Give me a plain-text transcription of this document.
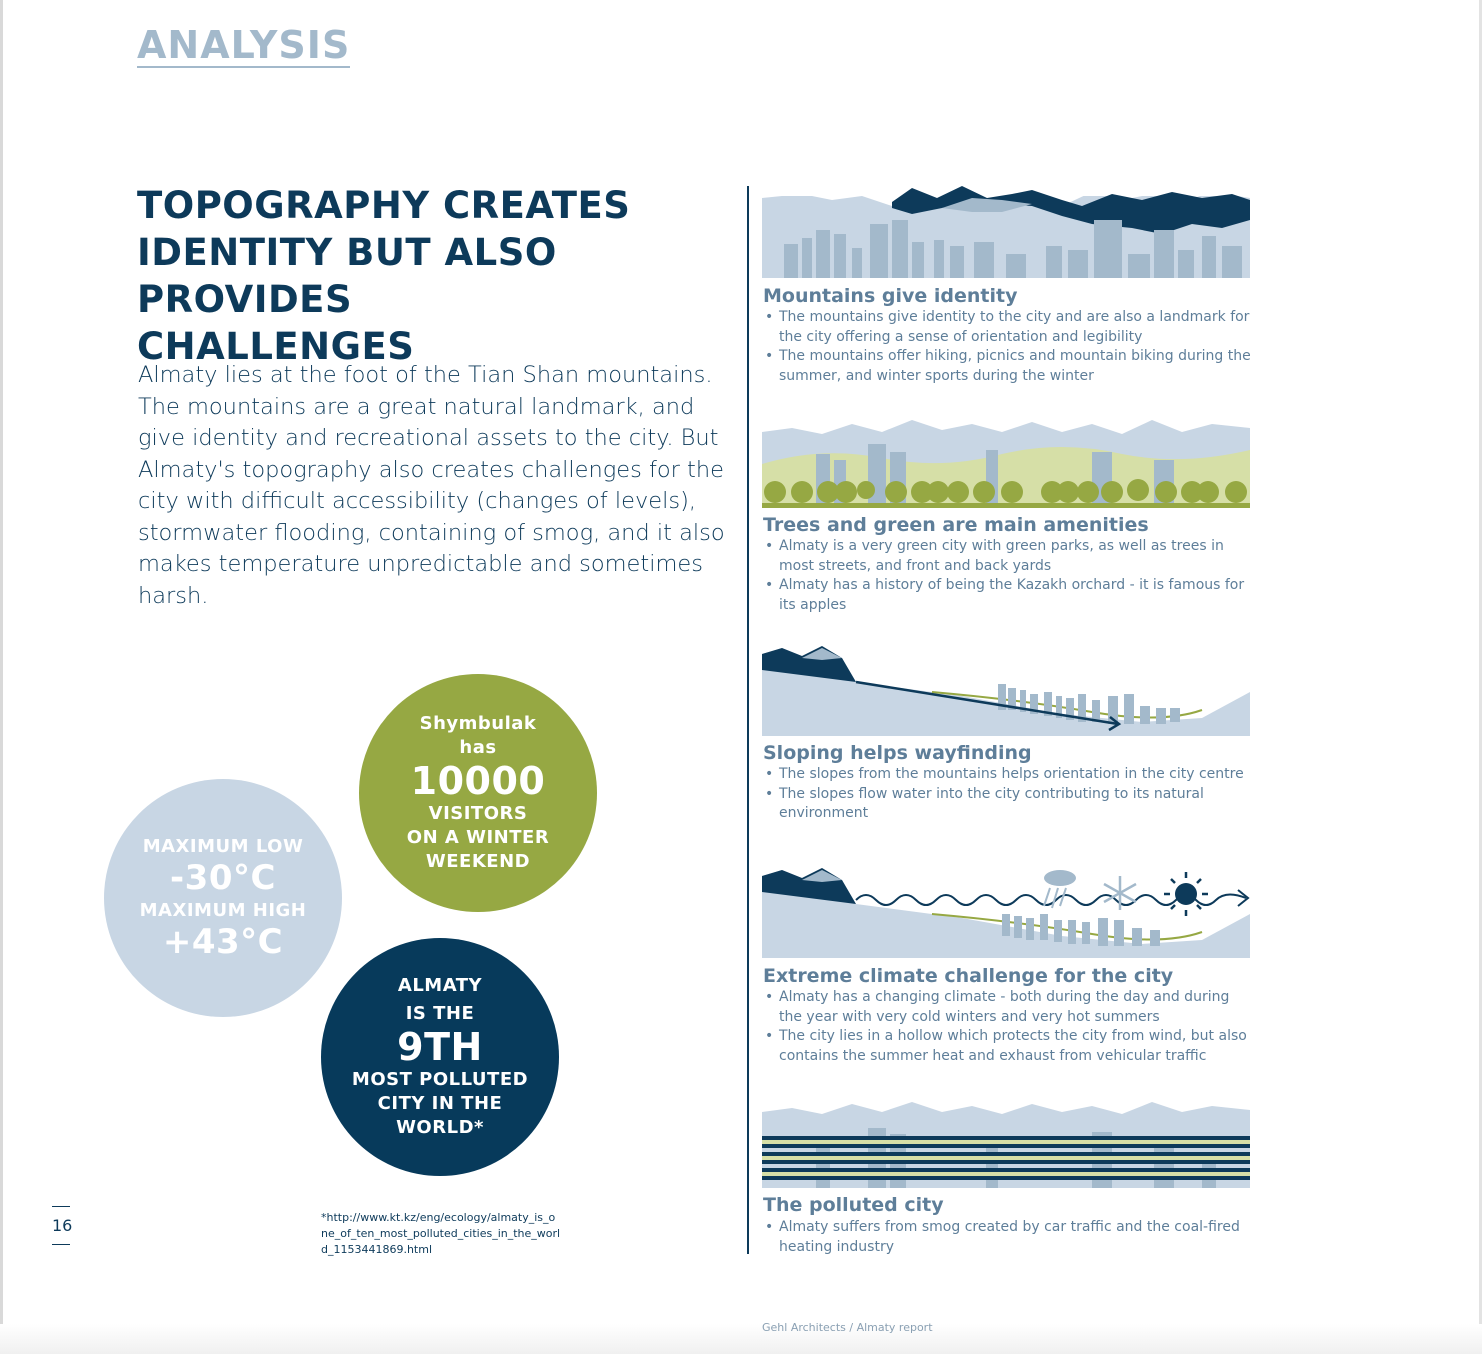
ANALYSIS
TOPOGRAPHY CREATES
IDENTITY BUT ALSO PROVIDES
CHALLENGES

Almaty lies at the foot of the Tian Shan mountains. The mountains are a great natural landmark, and give identity and recreational assets to the city. But Almaty's topography also creates challenges for the city with difficult accessibility (changes of levels), stormwater flooding, containing of smog, and it also makes temperature unpredictable and sometimes harsh.

MAXIMUM LOW
-30°C
MAXIMUM HIGH
+43°C
Shymbulak
has
10000
VISITORS
ON A WINTER
WEEKEND
ALMATY
IS THE
9TH
MOST POLLUTED
CITY IN THE
WORLD*
16	*http://www.kt.kz/eng/ecology/almaty_is_one_of_ten_most_polluted_cities_in_the_world_1153441869.html
Mountains give identity
• The mountains give identity to the city and are also a landmark for the city offering a sense of orientation and legibility
• The mountains offer hiking, picnics and mountain biking during the summer, and winter sports during the winter
Trees and green are main amenities
• Almaty is a very green city with green parks, as well as trees in most streets, and front and back yards
• Almaty has a history of being the Kazakh orchard - it is famous for its apples
Sloping helps wayfinding
• The slopes from the mountains helps orientation in the city centre
• The slopes flow water into the city contributing to its natural environment
Extreme climate challenge for the city
• Almaty has a changing climate - both during the day and during the year with very cold winters and very hot summers
• The city lies in a hollow which protects the city from wind, but also contains the summer heat and exhaust from vehicular traffic
The polluted city
• Almaty suffers from smog created by car traffic and the coal-fired heating industry
Gehl Architects / Almaty report
